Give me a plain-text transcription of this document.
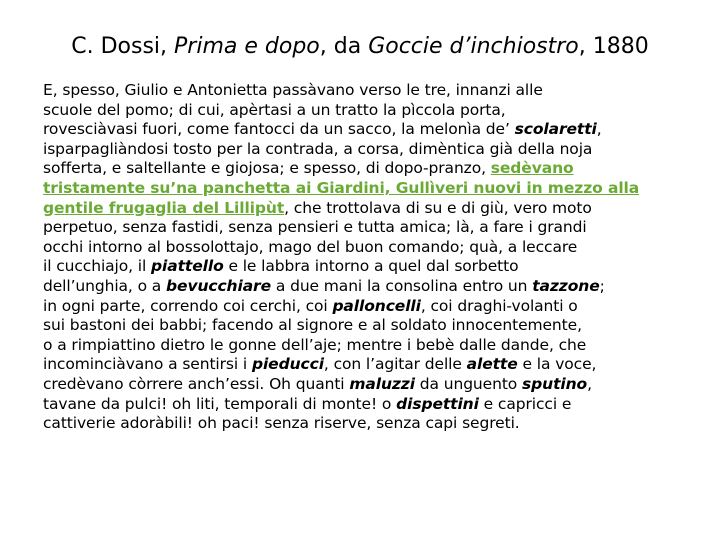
C. Dossi, Prima e dopo, da Goccie d’inchiostro, 1880
E, spesso, Giulio e Antonietta passàvano verso le tre, innanzi alle
scuole del pomo; di cui, apèrtasi a un tratto la pìccola porta,
rovesciàvasi fuori, come fantocci da un sacco, la melonìa de’ scolaretti,
isparpagliàndosi tosto per la contrada, a corsa, dimèntica già della noja
sofferta, e saltellante e giojosa; e spesso, di dopo-pranzo, sedèvano
tristamente su’na panchetta ai Giardini, Gullìveri nuovi in mezzo alla
gentile frugaglia del Lillipùt, che trottolava di su e di giù, vero moto
perpetuo, senza fastidi, senza pensieri e tutta amica; là, a fare i grandi
occhi intorno al bossolottajo, mago del buon comando; quà, a leccare
il cucchiajo, il piattello e le labbra intorno a quel dal sorbetto
dell’unghia, o a bevucchiare a due mani la consolina entro un tazzone;
in ogni parte, correndo coi cerchi, coi palloncelli, coi draghi-volanti o
sui bastoni dei babbi; facendo al signore e al soldato innocentemente,
o a rimpiattino dietro le gonne dell’aje; mentre i bebè dalle dande, che
incominciàvano a sentirsi i pieducci, con l’agitar delle alette e la voce,
credèvano còrrere anch’essi. Oh quanti maluzzi da unguento sputino,
tavane da pulci! oh liti, temporali di monte! o dispettini e capricci e
cattiverie adoràbili! oh paci! senza riserve, senza capi segreti.
